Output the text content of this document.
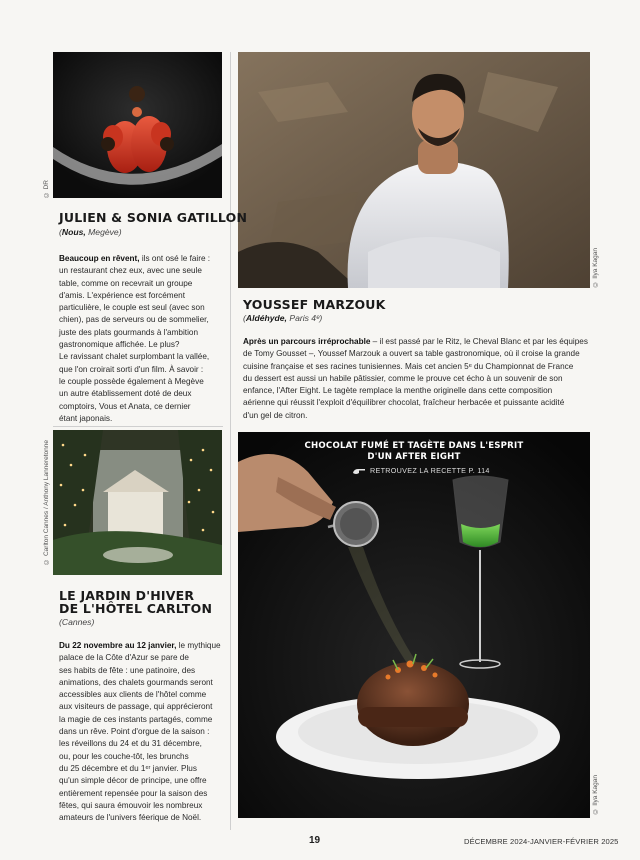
© DR
© Ilya Kagan
© Carlton Cannes / Anthony Lanneretonne	CHOCOLAT FUMÉ ET TAGÈTE DANS L'ESPRIT
D'UN AFTER EIGHT
RETROUVEZ LA RECETTE P. 114
© Ilya Kagan
JULIEN & SONIA GATILLON
(Nous, Megève)
Beaucoup en rêvent, ils ont osé le faire :
un restaurant chez eux, avec une seule
table, comme on recevrait un groupe
d'amis. L'expérience est forcément
particulière, le couple est seul (avec son
chien), pas de serveurs ou de sommelier,
juste des plats gourmands à l'ambition
gastronomique affichée. Le plus?
Le ravissant chalet surplombant la vallée,
que l'on croirait sorti d'un film. À savoir :
le couple possède également à Megève
un autre établissement doté de deux
comptoirs, Vous et Anata, ce dernier
étant japonais.
YOUSSEF MARZOUK
(Aldéhyde, Paris 4ᵉ)
Après un parcours irréprochable – il est passé par le Ritz, le Cheval Blanc et par les équipes
de Tomy Gousset –, Youssef Marzouk a ouvert sa table gastronomique, où il croise la grande
cuisine française et ses racines tunisiennes. Mais cet ancien 5ᵉ du Championnat de France
du dessert est aussi un habile pâtissier, comme le prouve cet écho à un souvenir de son
enfance, l'After Eight. Le tagète remplace la menthe originelle dans cette composition
aérienne qui réussit l'exploit d'équilibrer chocolat, fraîcheur herbacée et puissante acidité
d'un gel de citron.
LE JARDIN D'HIVER
DE L'HÔTEL CARLTON
(Cannes)
Du 22 novembre au 12 janvier, le mythique
palace de la Côte d'Azur se pare de
ses habits de fête : une patinoire, des
animations, des chalets gourmands seront
accessibles aux clients de l'hôtel comme
aux visiteurs de passage, qui apprécieront
la magie de ces instants partagés, comme
dans un rêve. Point d'orgue de la saison :
les réveillons du 24 et du 31 décembre,
ou, pour les couche-tôt, les brunchs
du 25 décembre et du 1ᵉʳ janvier. Plus
qu'un simple décor de principe, une offre
entièrement repensée pour la saison des
fêtes, qui saura émouvoir les nombreux
amateurs de l'univers féerique de Noël.
19	DÉCEMBRE 2024-JANVIER-FÉVRIER 2025
